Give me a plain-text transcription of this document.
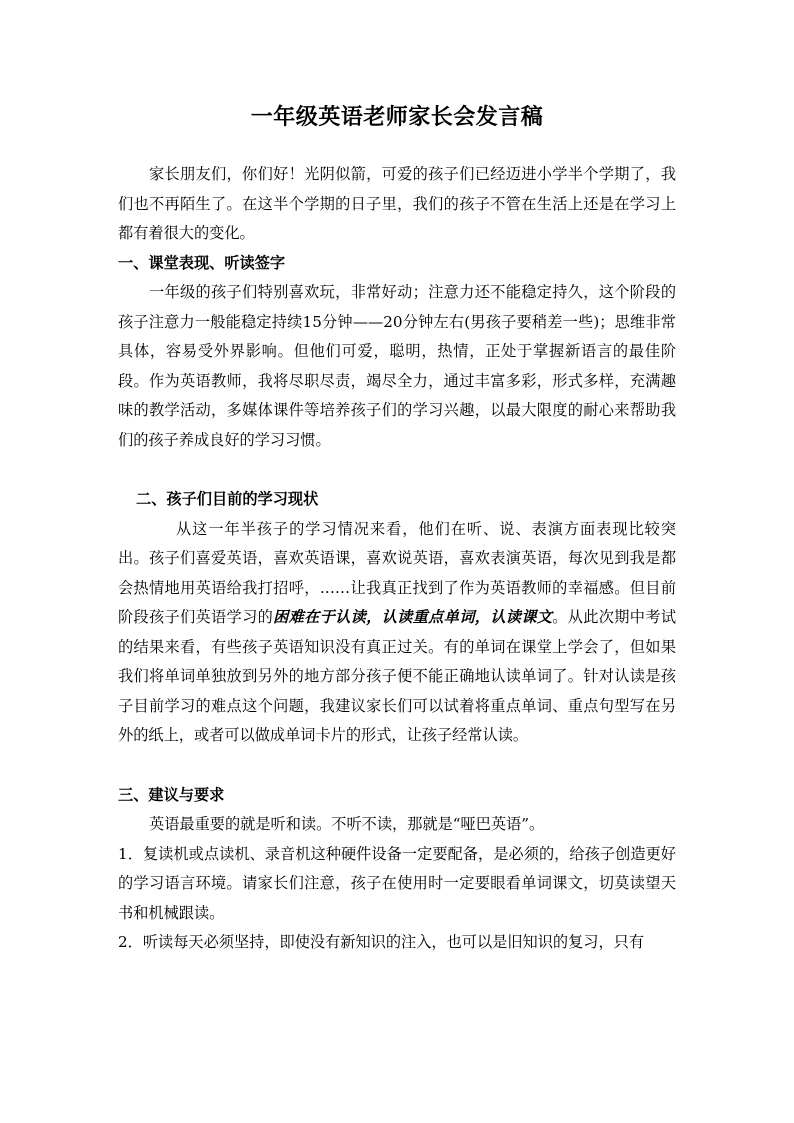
一年级英语老师家长会发言稿

家长朋友们，你们好！光阴似箭，可爱的孩子们已经迈进小学半个学期了，我们也不再陌生了。在这半个学期的日子里，我们的孩子不管在生活上还是在学习上都有着很大的变化。

一、课堂表现、听读签字

一年级的孩子们特别喜欢玩，非常好动；注意力还不能稳定持久，这个阶段的孩子注意力一般能稳定持续15分钟——20分钟左右(男孩子要稍差一些)；思维非常具体，容易受外界影响。但他们可爱，聪明，热情，正处于掌握新语言的最佳阶段。作为英语教师，我将尽职尽责，竭尽全力，通过丰富多彩，形式多样，充满趣味的教学活动，多媒体课件等培养孩子们的学习兴趣，以最大限度的耐心来帮助我们的孩子养成良好的学习习惯。

二、孩子们目前的学习现状

从这一年半孩子的学习情况来看，他们在听、说、表演方面表现比较突出。孩子们喜爱英语，喜欢英语课，喜欢说英语，喜欢表演英语，每次见到我是都会热情地用英语给我打招呼，……让我真正找到了作为英语教师的幸福感。但目前阶段孩子们英语学习的困难在于认读，认读重点单词，认读课文。从此次期中考试的结果来看，有些孩子英语知识没有真正过关。有的单词在课堂上学会了，但如果我们将单词单独放到另外的地方部分孩子便不能正确地认读单词了。针对认读是孩子目前学习的难点这个问题，我建议家长们可以试着将重点单词、重点句型写在另外的纸上，或者可以做成单词卡片的形式，让孩子经常认读。

三、建议与要求

英语最重要的就是听和读。不听不读，那就是“哑巴英语”。

1．复读机或点读机、录音机这种硬件设备一定要配备，是必须的，给孩子创造更好的学习语言环境。请家长们注意，孩子在使用时一定要眼看单词课文，切莫读望天书和机械跟读。

2．听读每天必须坚持，即使没有新知识的注入，也可以是旧知识的复习，只有
